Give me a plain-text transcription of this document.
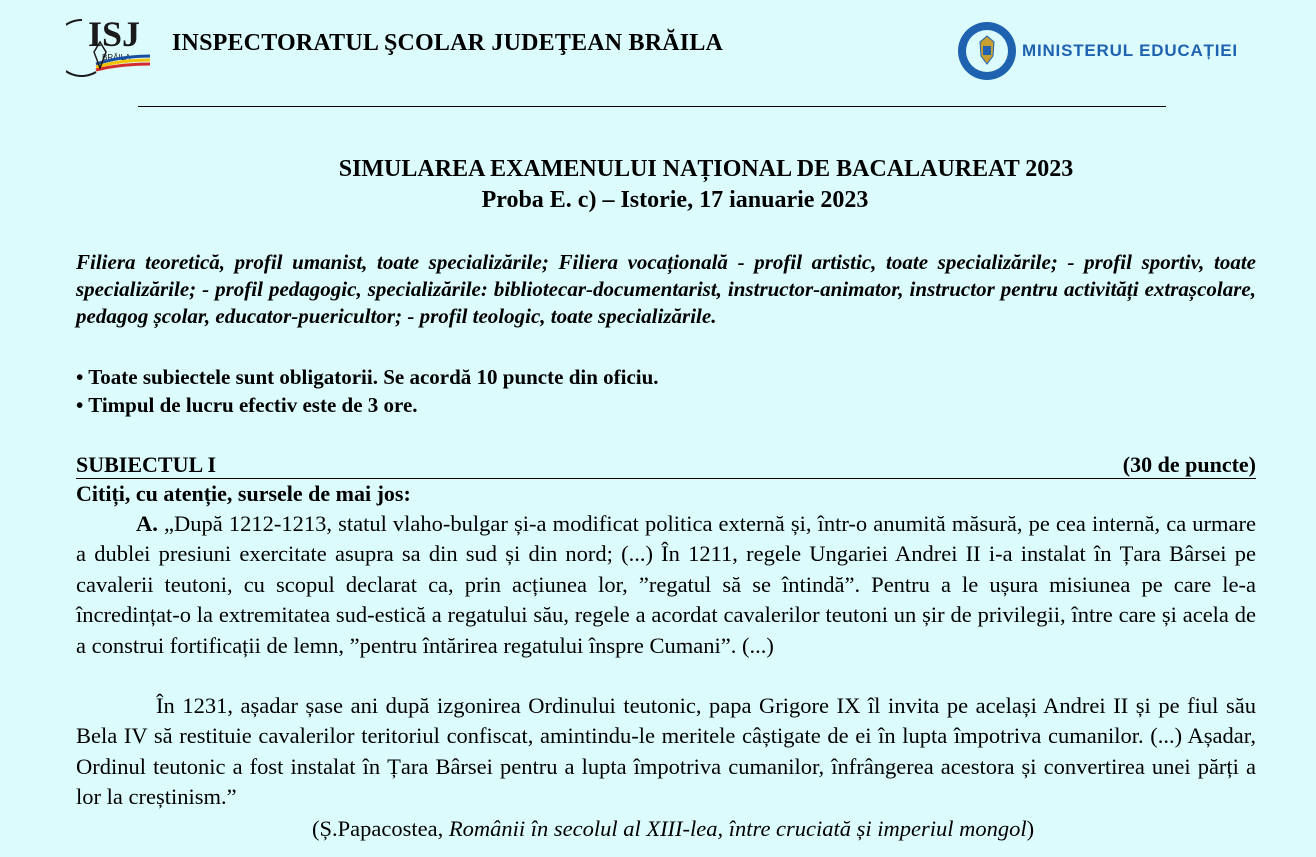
ISJ
BRĂILA
INSPECTORATUL ŞCOLAR JUDEŢEAN BRĂILA	MINISTERUL EDUCAȚIEI
SIMULAREA EXAMENULUI NAȚIONAL DE BACALAUREAT 2023
Proba E. c) – Istorie, 17 ianuarie 2023
Filiera teoretică, profil umanist, toate specializările; Filiera vocațională - profil artistic, toate specializările; - profil sportiv, toate specializările; - profil pedagogic, specializările: bibliotecar-documentarist, instructor-animator, instructor pentru activități extrașcolare, pedagog școlar, educator-puericultor; - profil teologic, toate specializările.
• Toate subiectele sunt obligatorii. Se acordă 10 puncte din oficiu.
• Timpul de lucru efectiv este de 3 ore.
SUBIECTUL I	(30 de puncte)
Citiți, cu atenție, sursele de mai jos:
A. „După 1212-1213, statul vlaho-bulgar și-a modificat politica externă și, într-o anumită măsură, pe cea internă, ca urmare a dublei presiuni exercitate asupra sa din sud și din nord; (...) În 1211, regele Ungariei Andrei II i-a instalat în Țara Bârsei pe cavalerii teutoni, cu scopul declarat ca, prin acțiunea lor, ”regatul să se întindă”. Pentru a le ușura misiunea pe care le-a încredințat-o la extremitatea sud-estică a regatului său, regele a acordat cavalerilor teutoni un șir de privilegii, între care și acela de a construi fortificații de lemn, ”pentru întărirea regatului înspre Cumani”. (...)
În 1231, așadar șase ani după izgonirea Ordinului teutonic, papa Grigore IX îl invita pe același Andrei II și pe fiul său Bela IV să restituie cavalerilor teritoriul confiscat, amintindu-le meritele câștigate de ei în lupta împotriva cumanilor. (...) Așadar, Ordinul teutonic a fost instalat în Țara Bârsei pentru a lupta împotriva cumanilor, înfrângerea acestora și convertirea unei părți a lor la creștinism.”
(Ș.Papacostea, Românii în secolul al XIII-lea, între cruciată și imperiul mongol)
